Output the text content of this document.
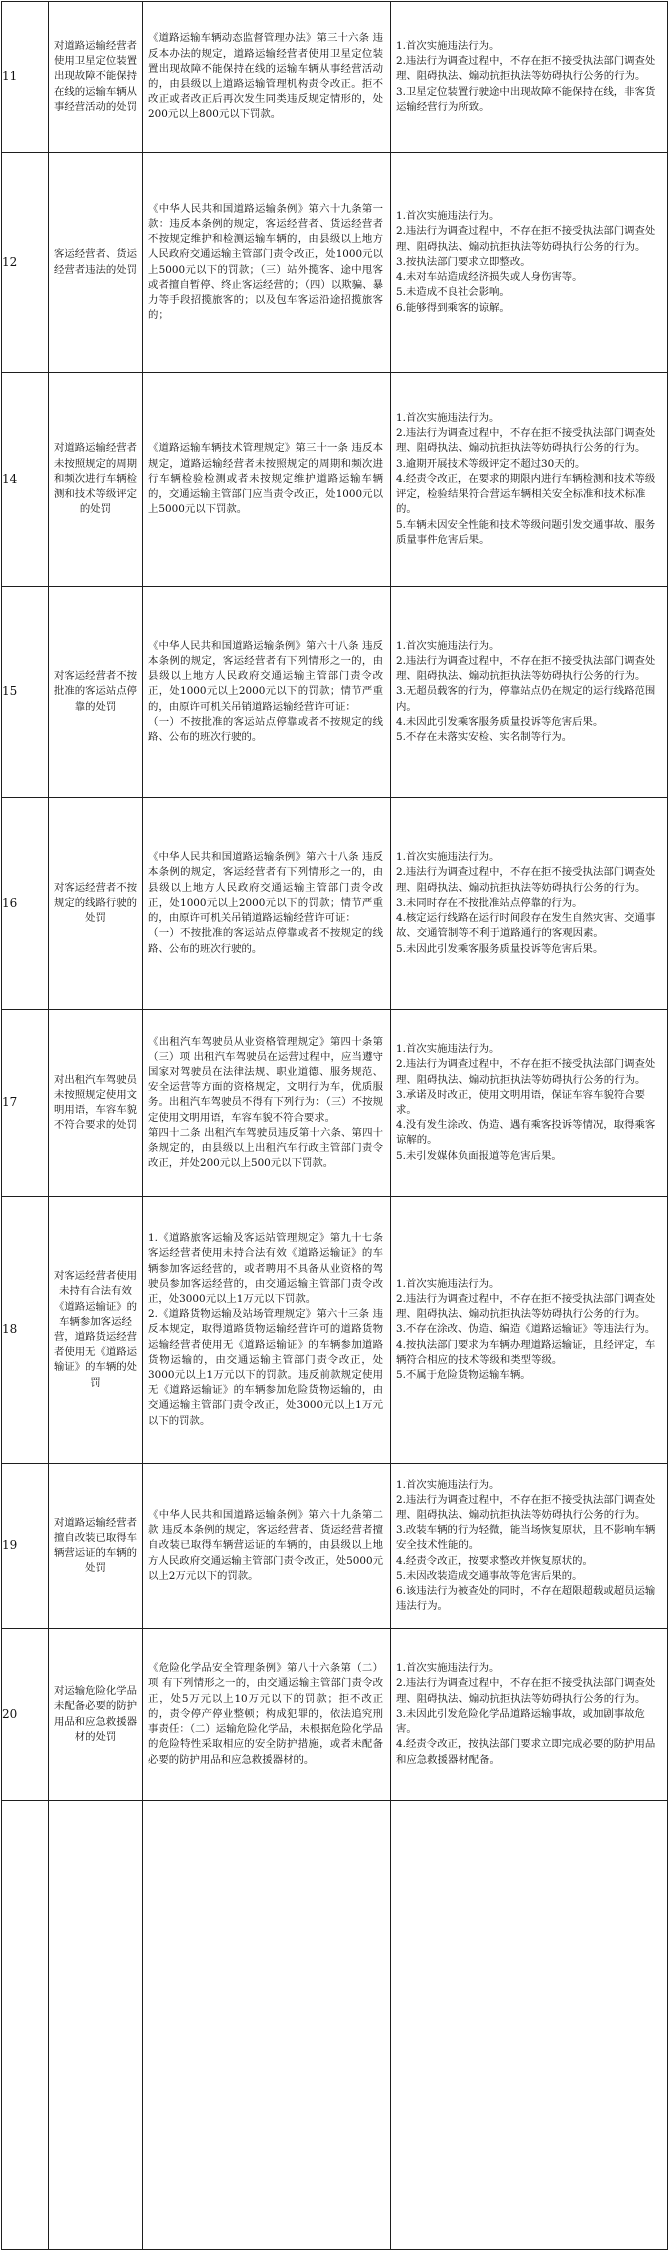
11
对道路运输经营者使用卫星定位装置出现故障不能保持在线的运输车辆从事经营活动的处罚
《道路运输车辆动态监督管理办法》第三十六条 违反本办法的规定，道路运输经营者使用卫星定位装置出现故障不能保持在线的运输车辆从事经营活动的，由县级以上道路运输管理机构责令改正。拒不改正或者改正后再次发生同类违反规定情形的，处200元以上800元以下罚款。
1.首次实施违法行为。
2.违法行为调查过程中，不存在拒不接受执法部门调查处理、阻碍执法、煽动抗拒执法等妨碍执行公务的行为。
3.卫星定位装置行驶途中出现故障不能保持在线，非客货运输经营行为所致。
12
客运经营者、货运经营者违法的处罚
《中华人民共和国道路运输条例》第六十九条第一款：违反本条例的规定，客运经营者、货运经营者不按规定维护和检测运输车辆的，由县级以上地方人民政府交通运输主管部门责令改正，处1000元以上5000元以下的罚款；（三）站外揽客、途中甩客或者擅自暂停、终止客运经营的；（四）以欺骗、暴力等手段招揽旅客的；以及包车客运沿途招揽旅客的；
1.首次实施违法行为。
2.违法行为调查过程中，不存在拒不接受执法部门调查处理、阻碍执法、煽动抗拒执法等妨碍执行公务的行为。
3.按执法部门要求立即整改。
4.未对车站造成经济损失或人身伤害等。
5.未造成不良社会影响。
6.能够得到乘客的谅解。
14
对道路运输经营者未按照规定的周期和频次进行车辆检测和技术等级评定的处罚
《道路运输车辆技术管理规定》第三十一条 违反本规定，道路运输经营者未按照规定的周期和频次进行车辆检验检测或者未按规定维护道路运输车辆的，交通运输主管部门应当责令改正，处1000元以上5000元以下罚款。
1.首次实施违法行为。
2.违法行为调查过程中，不存在拒不接受执法部门调查处理、阻碍执法、煽动抗拒执法等妨碍执行公务的行为。
3.逾期开展技术等级评定不超过30天的。
4.经责令改正，在要求的期限内进行车辆检测和技术等级评定，检验结果符合营运车辆相关安全标准和技术标准的。
5.车辆未因安全性能和技术等级问题引发交通事故、服务质量事件危害后果。
15
对客运经营者不按批准的客运站点停靠的处罚
《中华人民共和国道路运输条例》第六十八条 违反本条例的规定，客运经营者有下列情形之一的，由县级以上地方人民政府交通运输主管部门责令改正，处1000元以上2000元以下的罚款；情节严重的，由原许可机关吊销道路运输经营许可证：
（一）不按批准的客运站点停靠或者不按规定的线路、公布的班次行驶的。
1.首次实施违法行为。
2.违法行为调查过程中，不存在拒不接受执法部门调查处理、阻碍执法、煽动抗拒执法等妨碍执行公务的行为。
3.无超员载客的行为，停靠站点仍在规定的运行线路范围内。
4.未因此引发乘客服务质量投诉等危害后果。
5.不存在未落实安检、实名制等行为。
16
对客运经营者不按规定的线路行驶的处罚
《中华人民共和国道路运输条例》第六十八条 违反本条例的规定，客运经营者有下列情形之一的，由县级以上地方人民政府交通运输主管部门责令改正，处1000元以上2000元以下的罚款；情节严重的，由原许可机关吊销道路运输经营许可证：
（一）不按批准的客运站点停靠或者不按规定的线路、公布的班次行驶的。
1.首次实施违法行为。
2.违法行为调查过程中，不存在拒不接受执法部门调查处理、阻碍执法、煽动抗拒执法等妨碍执行公务的行为。
3.未同时存在不按批准站点停靠的行为。
4.核定运行线路在运行时间段存在发生自然灾害、交通事故、交通管制等不利于道路通行的客观因素。
5.未因此引发乘客服务质量投诉等危害后果。
17
对出租汽车驾驶员未按照规定使用文明用语，车容车貌不符合要求的处罚
《出租汽车驾驶员从业资格管理规定》第四十条第（三）项 出租汽车驾驶员在运营过程中，应当遵守国家对驾驶员在法律法规、职业道德、服务规范、安全运营等方面的资格规定，文明行为车，优质服务。出租汽车驾驶员不得有下列行为：（三）不按规定使用文明用语，车容车貌不符合要求。
第四十二条 出租汽车驾驶员违反第十六条、第四十条规定的，由县级以上出租汽车行政主管部门责令改正，并处200元以上500元以下罚款。
1.首次实施违法行为。
2.违法行为调查过程中，不存在拒不接受执法部门调查处理、阻碍执法、煽动抗拒执法等妨碍执行公务的行为。
3.承诺及时改正，使用文明用语，保证车容车貌符合要求。
4.没有发生涂改、伪造、遇有乘客投诉等情况，取得乘客谅解的。
5.未引发媒体负面报道等危害后果。
18
对客运经营者使用未持有合法有效《道路运输证》的车辆参加客运经营，道路货运经营者使用无《道路运输证》的车辆的处罚
1.《道路旅客运输及客运站管理规定》第九十七条 客运经营者使用未持合法有效《道路运输证》的车辆参加客运经营的，或者聘用不具备从业资格的驾驶员参加客运经营的，由交通运输主管部门责令改正，处3000元以上1万元以下罚款。
2.《道路货物运输及站场管理规定》第六十三条 违反本规定，取得道路货物运输经营许可的道路货物运输经营者使用无《道路运输证》的车辆参加道路货物运输的，由交通运输主管部门责令改正，处3000元以上1万元以下的罚款。违反前款规定使用无《道路运输证》的车辆参加危险货物运输的，由交通运输主管部门责令改正，处3000元以上1万元以下的罚款。
1.首次实施违法行为。
2.违法行为调查过程中，不存在拒不接受执法部门调查处理、阻碍执法、煽动抗拒执法等妨碍执行公务的行为。
3.不存在涂改、伪造、编造《道路运输证》等违法行为。
4.按执法部门要求为车辆办理道路运输证，且经评定，车辆符合相应的技术等级和类型等级。
5.不属于危险货物运输车辆。
19
对道路运输经营者擅自改装已取得车辆营运证的车辆的处罚
《中华人民共和国道路运输条例》第六十九条第二款 违反本条例的规定，客运经营者、货运经营者擅自改装已取得车辆营运证的车辆的，由县级以上地方人民政府交通运输主管部门责令改正，处5000元以上2万元以下的罚款。
1.首次实施违法行为。
2.违法行为调查过程中，不存在拒不接受执法部门调查处理、阻碍执法、煽动抗拒执法等妨碍执行公务的行为。
3.改装车辆的行为轻微，能当场恢复原状，且不影响车辆安全技术性能的。
4.经责令改正，按要求整改并恢复原状的。
5.未因改装造成交通事故等危害后果的。
6.该违法行为被查处的同时，不存在超限超载或超员运输违法行为。
20
对运输危险化学品未配备必要的防护用品和应急救援器材的处罚
《危险化学品安全管理条例》第八十六条第（二）项 有下列情形之一的，由交通运输主管部门责令改正，处5万元以上10万元以下的罚款；拒不改正的，责令停产停业整顿；构成犯罪的，依法追究刑事责任：（二）运输危险化学品，未根据危险化学品的危险特性采取相应的安全防护措施，或者未配备必要的防护用品和应急救援器材的。
1.首次实施违法行为。
2.违法行为调查过程中，不存在拒不接受执法部门调查处理、阻碍执法、煽动抗拒执法等妨碍执行公务的行为。
3.未因此引发危险化学品道路运输事故，或加剧事故危害。
4.经责令改正，按执法部门要求立即完成必要的防护用品和应急救援器材配备。
